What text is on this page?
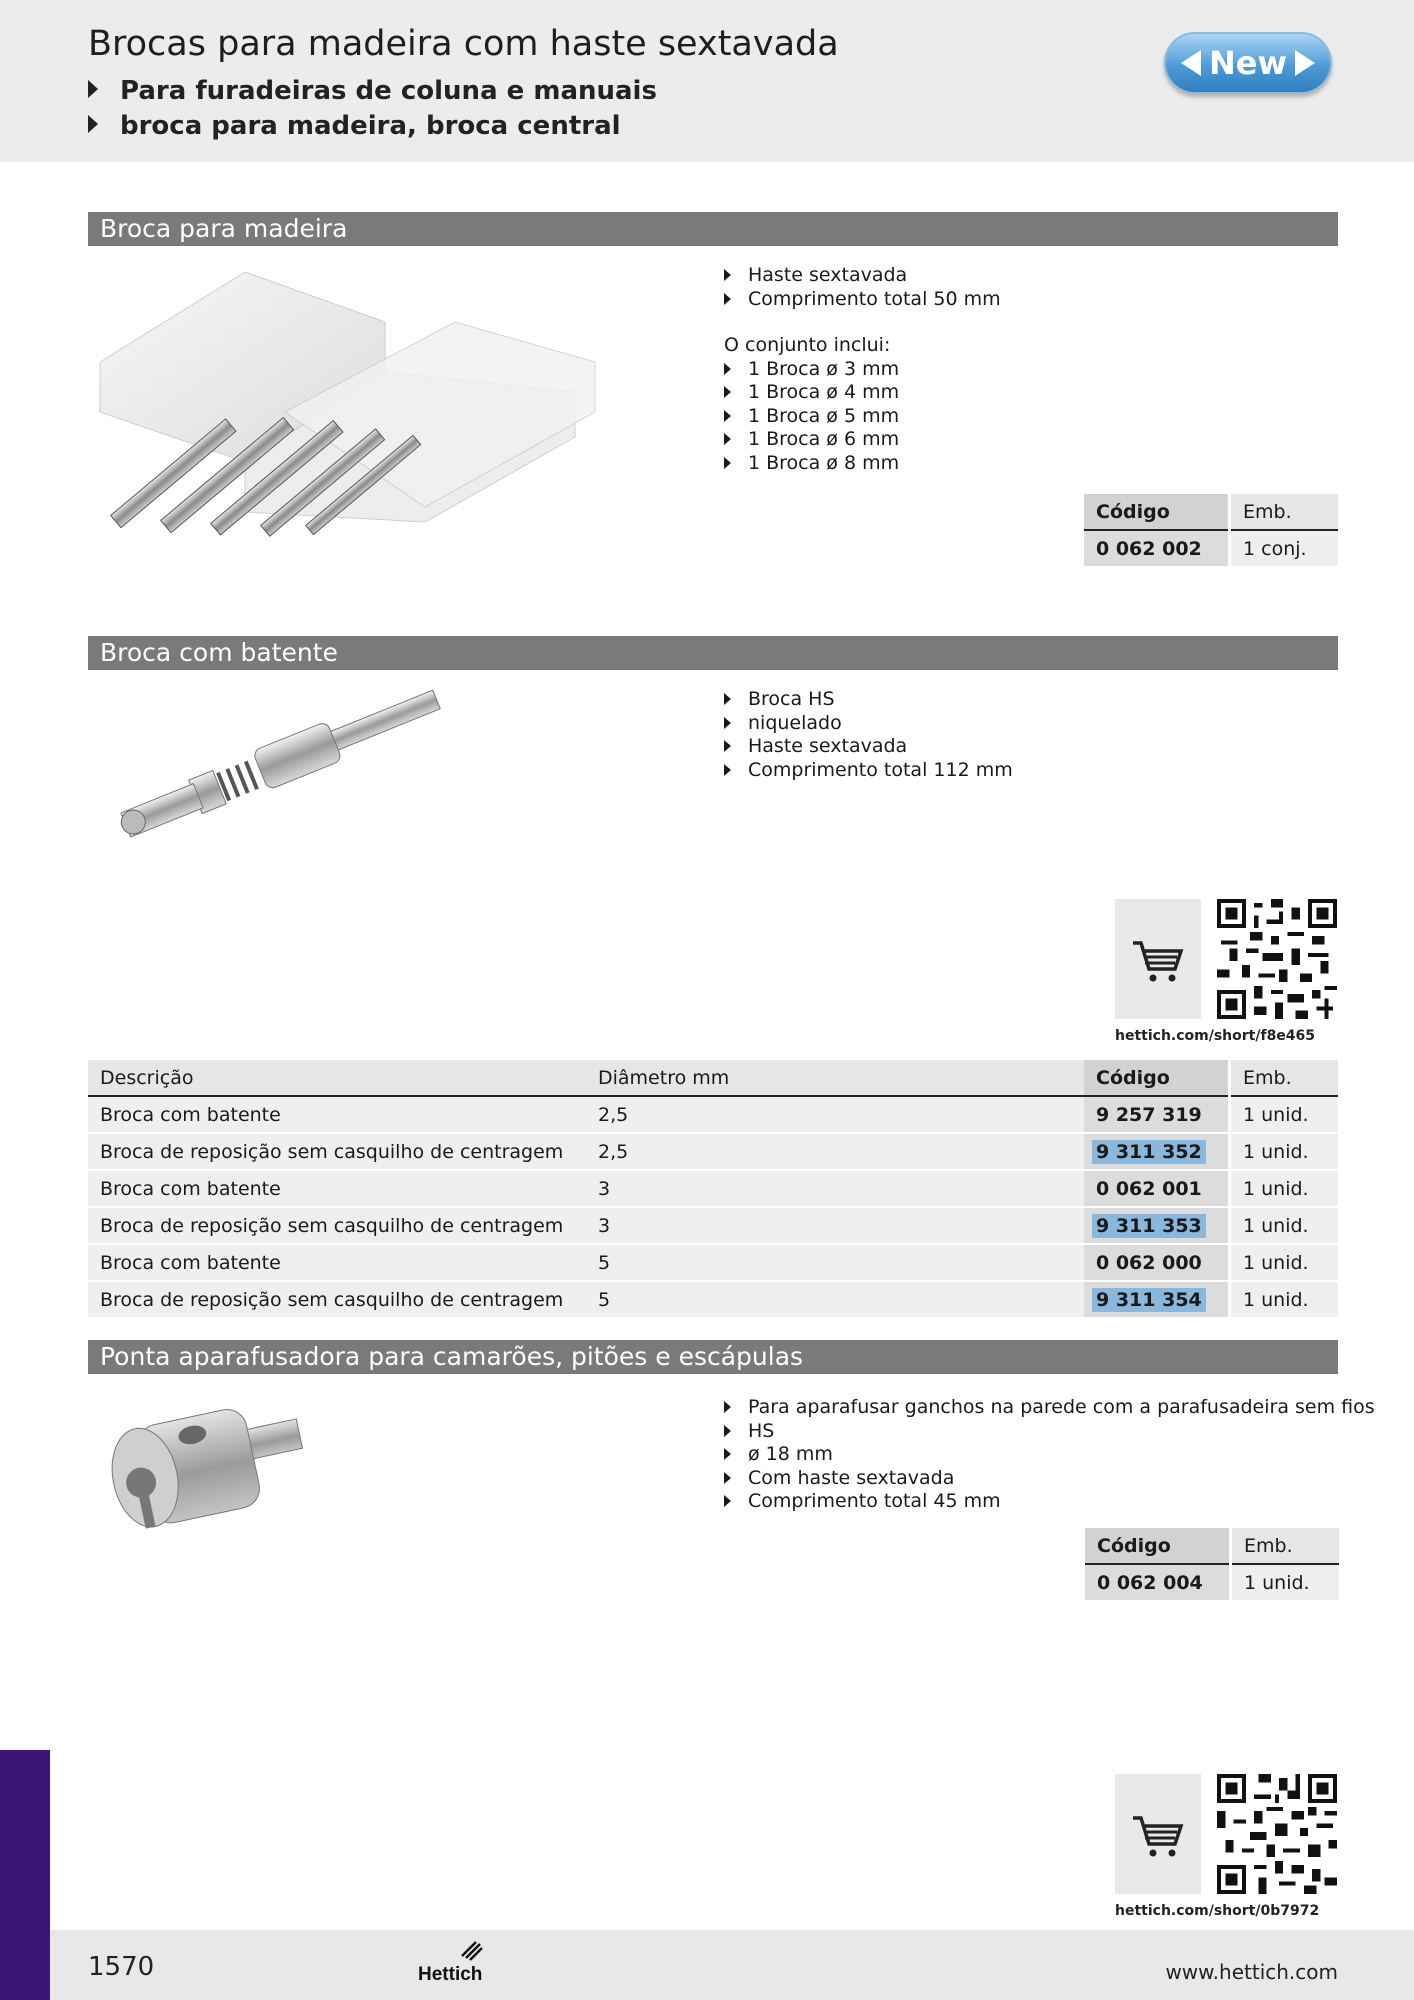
Brocas para madeira com haste sextavada
Para furadeiras de coluna e manuais
broca para madeira, broca central
New
Broca para madeira
Haste sextavada
Comprimento total 50 mm
O conjunto inclui:
1 Broca ø 3 mm
1 Broca ø 4 mm
1 Broca ø 5 mm
1 Broca ø 6 mm
1 Broca ø 8 mm
Código	Emb.
0 062 002	1 conj.
Broca com batente
Broca HS
niquelado
Haste sextavada
Comprimento total 112 mm
hettich.com/short/f8e465
Descrição	Diâmetro mm	Código	Emb.
Broca com batente	2,5	9 257 319	1 unid.
Broca de reposição sem casquilho de centragem	2,5	9 311 352	1 unid.
Broca com batente	3	0 062 001	1 unid.
Broca de reposição sem casquilho de centragem	3	9 311 353	1 unid.
Broca com batente	5	0 062 000	1 unid.
Broca de reposição sem casquilho de centragem	5	9 311 354	1 unid.
Ponta aparafusadora para camarões, pitões e escápulas
Para aparafusar ganchos na parede com a parafusadeira sem fios
HS
ø 18 mm
Com haste sextavada
Comprimento total 45 mm
Código	Emb.
0 062 004	1 unid.
hettich.com/short/0b7972
1570	Hettich	www.hettich.com
